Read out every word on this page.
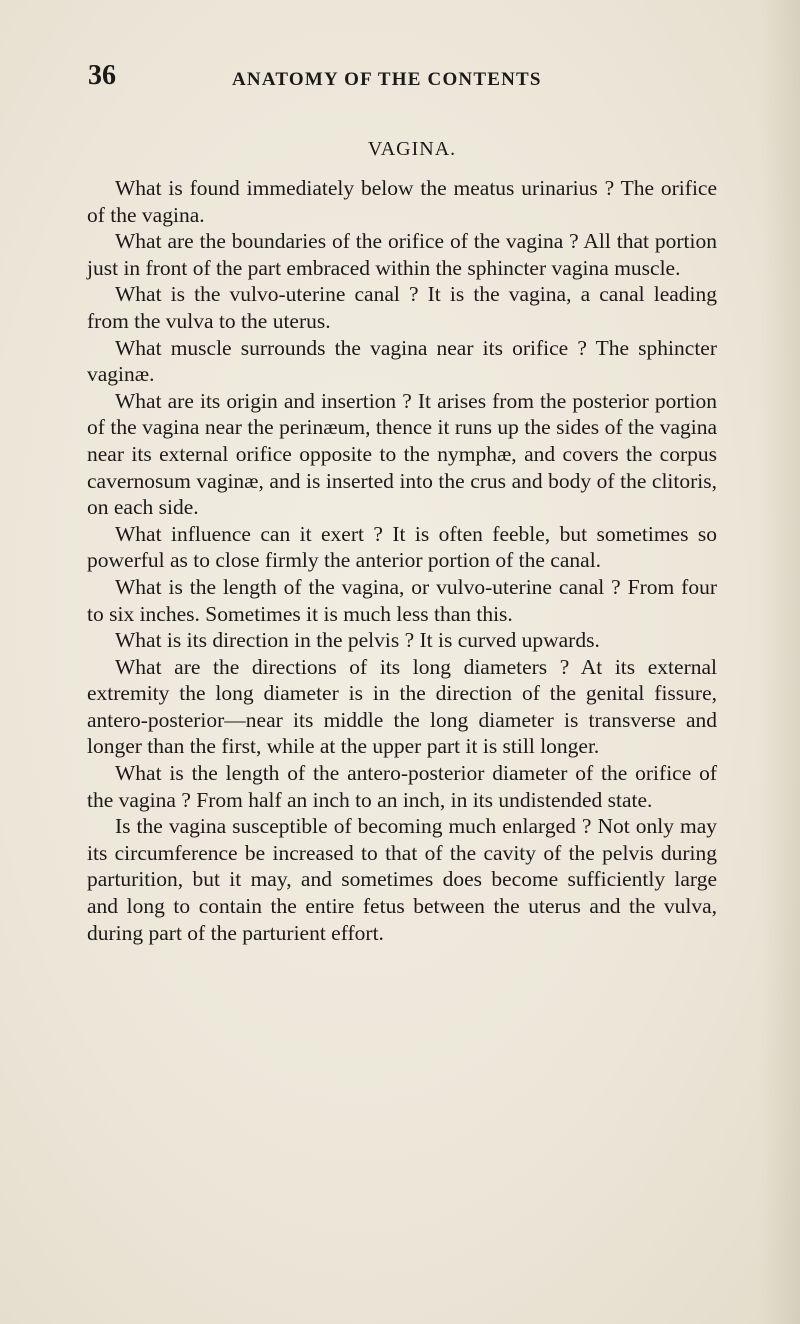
36	ANATOMY OF THE CONTENTS
VAGINA.

What is found immediately below the meatus urinarius ? The orifice of the vagina.

What are the boundaries of the orifice of the vagina ? All that portion just in front of the part embraced within the sphincter vagina muscle.

What is the vulvo-uterine canal ? It is the vagina, a canal leading from the vulva to the uterus.

What muscle surrounds the vagina near its orifice ? The sphincter vaginæ.

What are its origin and insertion ? It arises from the posterior portion of the vagina near the perinæum, thence it runs up the sides of the vagina near its external orifice opposite to the nymphæ, and covers the corpus cavernosum vaginæ, and is inserted into the crus and body of the clitoris, on each side.

What influence can it exert ? It is often feeble, but sometimes so powerful as to close firmly the anterior portion of the canal.

What is the length of the vagina, or vulvo-uterine canal ? From four to six inches. Sometimes it is much less than this.

What is its direction in the pelvis ? It is curved upwards.

What are the directions of its long diameters ? At its external extremity the long diameter is in the direction of the genital fissure, antero-posterior—near its middle the long diameter is transverse and longer than the first, while at the upper part it is still longer.

What is the length of the antero-posterior diameter of the orifice of the vagina ? From half an inch to an inch, in its undistended state.

Is the vagina susceptible of becoming much enlarged ? Not only may its circumference be increased to that of the cavity of the pelvis during parturition, but it may, and sometimes does become sufficiently large and long to contain the entire fetus between the uterus and the vulva, during part of the parturient effort.
